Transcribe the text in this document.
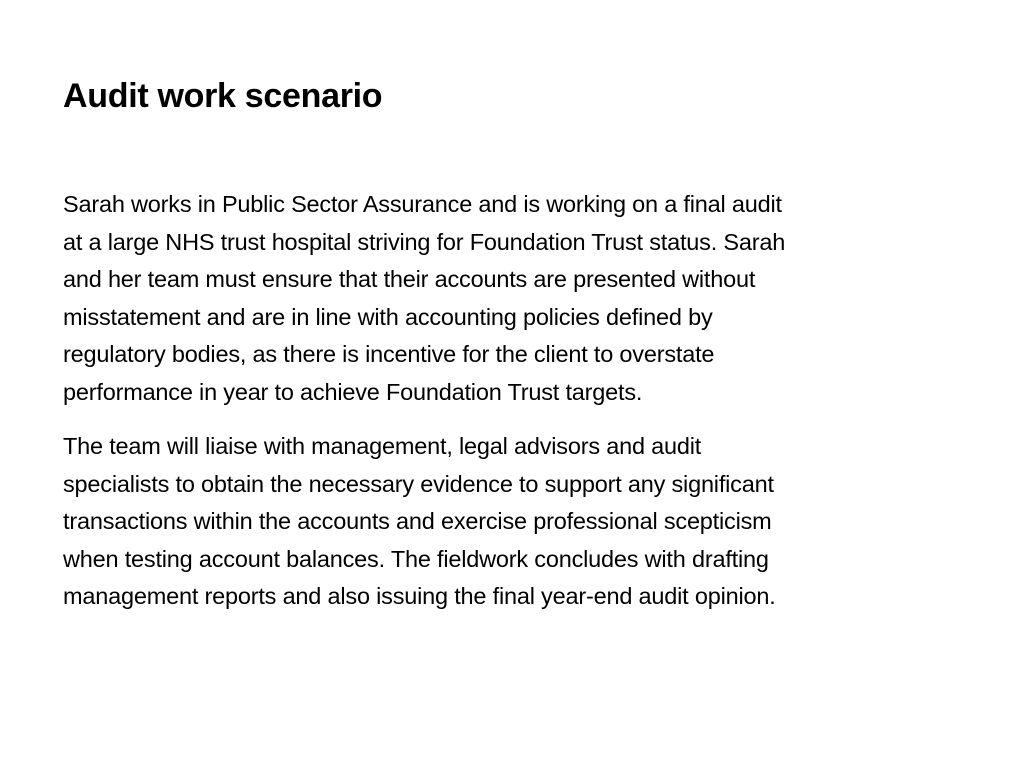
Audit work scenario

Sarah works in Public Sector Assurance and is working on a final audit
at a large NHS trust hospital striving for Foundation Trust status. Sarah
and her team must ensure that their accounts are presented without
misstatement and are in line with accounting policies defined by
regulatory bodies, as there is incentive for the client to overstate
performance in year to achieve Foundation Trust targets.

The team will liaise with management, legal advisors and audit
specialists to obtain the necessary evidence to support any significant
transactions within the accounts and exercise professional scepticism
when testing account balances. The fieldwork concludes with drafting
management reports and also issuing the final year-end audit opinion.
